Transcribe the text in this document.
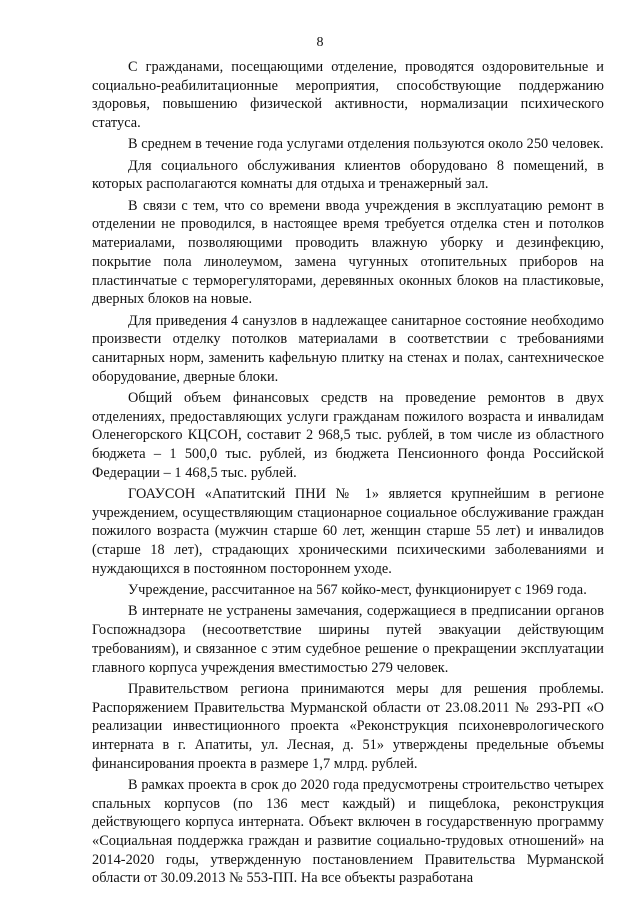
8

С гражданами, посещающими отделение, проводятся оздоровительные и социально-реабилитационные мероприятия, способствующие поддержанию здоровья, повышению физической активности, нормализации психического статуса.

В среднем в течение года услугами отделения пользуются около 250 человек.

Для социального обслуживания клиентов оборудовано 8 помещений, в которых располагаются комнаты для отдыха и тренажерный зал.

В связи с тем, что со времени ввода учреждения в эксплуатацию ремонт в отделении не проводился, в настоящее время требуется отделка стен и потолков материалами, позволяющими проводить влажную уборку и дезинфекцию, покрытие пола линолеумом, замена чугунных отопительных приборов на пластинчатые с терморегуляторами, деревянных оконных блоков на пластиковые, дверных блоков на новые.

Для приведения 4 санузлов в надлежащее санитарное состояние необходимо произвести отделку потолков материалами в соответствии с требованиями санитарных норм, заменить кафельную плитку на стенах и полах, сантехническое оборудование, дверные блоки.

Общий объем финансовых средств на проведение ремонтов в двух отделениях, предоставляющих услуги гражданам пожилого возраста и инвалидам Оленегорского КЦСОН, составит 2 968,5 тыс. рублей, в том числе из областного бюджета – 1 500,0 тыс. рублей, из бюджета Пенсионного фонда Российской Федерации – 1 468,5 тыс. рублей.

ГОАУСОН «Апатитский ПНИ № 1» является крупнейшим в регионе учреждением, осуществляющим стационарное социальное обслуживание граждан пожилого возраста (мужчин старше 60 лет, женщин старше 55 лет) и инвалидов (старше 18 лет), страдающих хроническими психическими заболеваниями и нуждающихся в постоянном постороннем уходе.

Учреждение, рассчитанное на 567 койко-мест, функционирует с 1969 года.

В интернате не устранены замечания, содержащиеся в предписании органов Госпожнадзора (несоответствие ширины путей эвакуации действующим требованиям), и связанное с этим судебное решение о прекращении эксплуатации главного корпуса учреждения вместимостью 279 человек.

Правительством региона принимаются меры для решения проблемы. Распоряжением Правительства Мурманской области от 23.08.2011 № 293-РП «О реализации инвестиционного проекта «Реконструкция психоневрологического интерната в г. Апатиты, ул. Лесная, д. 51» утверждены предельные объемы финансирования проекта в размере 1,7 млрд. рублей.

В рамках проекта в срок до 2020 года предусмотрены строительство четырех спальных корпусов (по 136 мест каждый) и пищеблока, реконструкция действующего корпуса интерната. Объект включен в государственную программу «Социальная поддержка граждан и развитие социально-трудовых отношений» на 2014-2020 годы, утвержденную постановлением Правительства Мурманской области от 30.09.2013 № 553-ПП. На все объекты разработана
